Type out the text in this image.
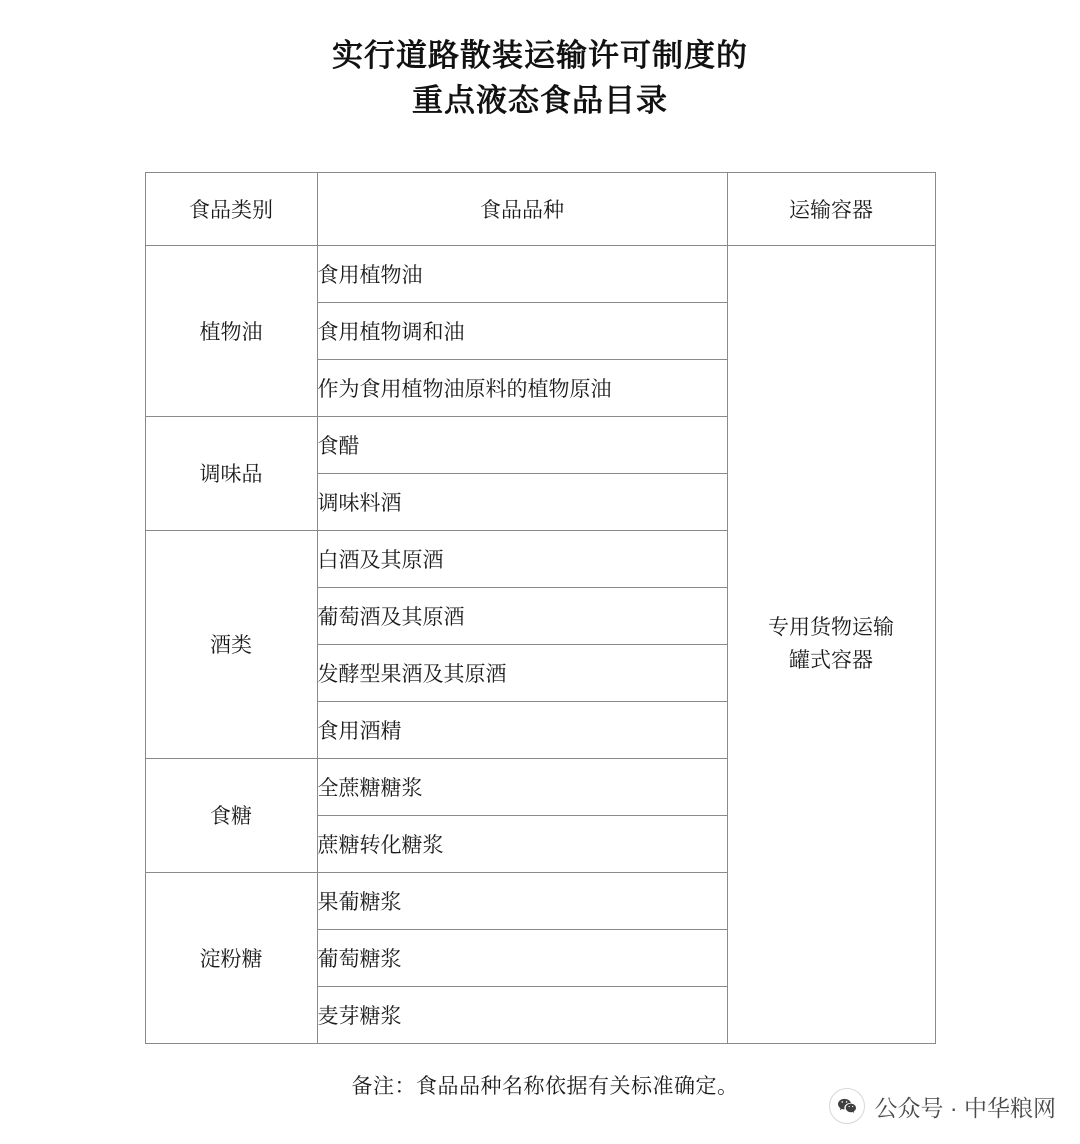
实行道路散装运输许可制度的
重点液态食品目录
食品类别	食品品种	运输容器
植物油	食用植物油	专用货物运输
罐式容器

	食用植物调和油	
	作为食用植物油原料的植物原油	
调味品	食醋	
	调味料酒	
酒类	白酒及其原酒	
	葡萄酒及其原酒	
	发酵型果酒及其原酒	
	食用酒精	
食糖	全蔗糖糖浆	
	蔗糖转化糖浆	
淀粉糖	果葡糖浆	
	葡萄糖浆	
	麦芽糖浆	
备注：食品品种名称依据有关标准确定。
公众号 · 中华粮网
